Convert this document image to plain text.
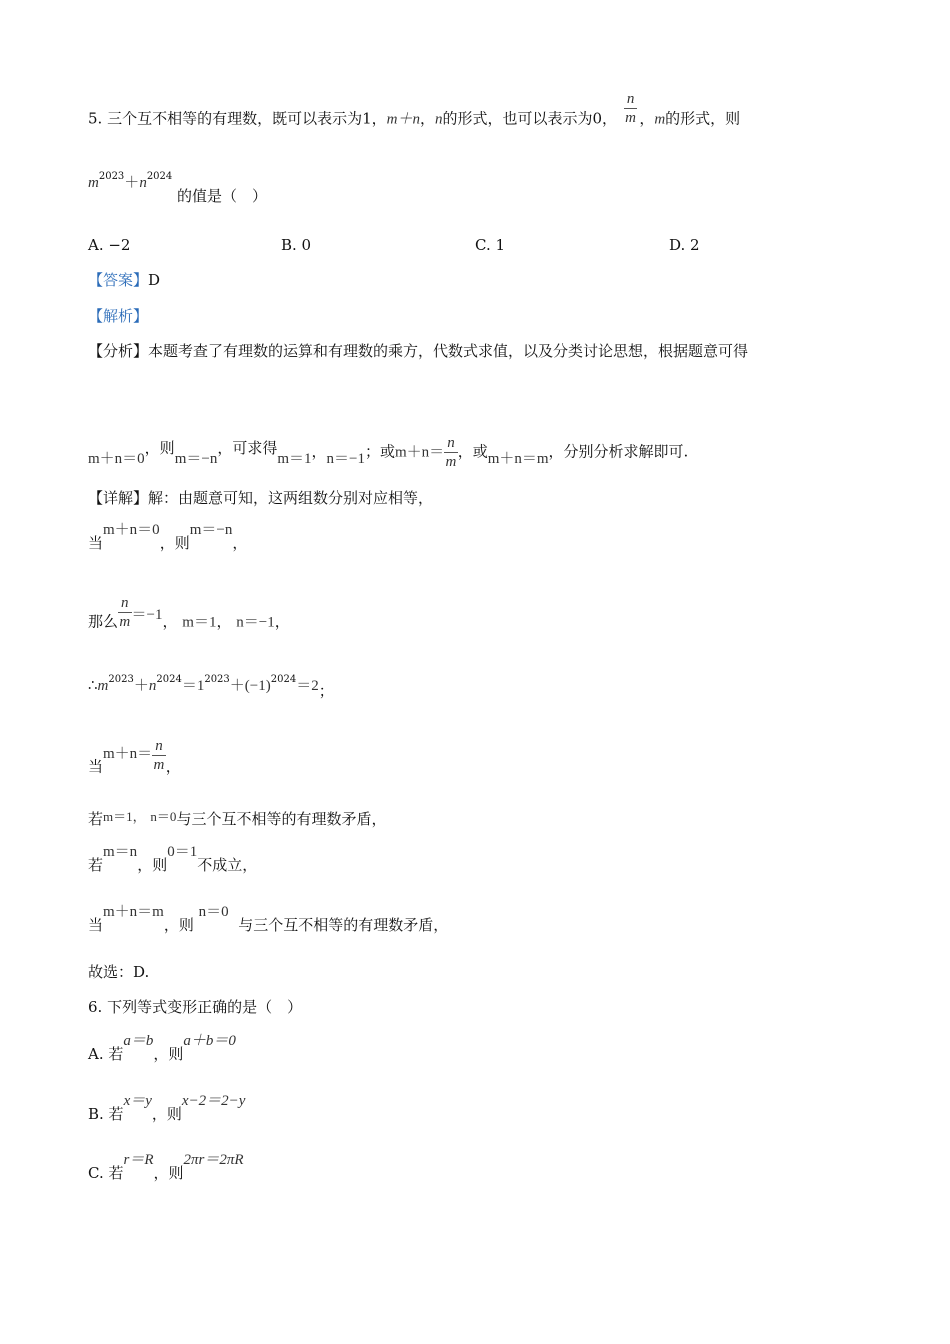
5. 三个互不相等的有理数，既可以表示为1，m＋n，n的形式，也可以表示为0， $\frac{n}{m}$ ，m的形式，则
$m^{2023}+n^{2024}$ 的值是（　）
A. −2	B. 0	C. 1	D. 2
【答案】D
【解析】
【分析】本题考查了有理数的运算和有理数的乘方，代数式求值，以及分类讨论思想，根据题意可得
m＋n＝0，则m＝−n，可求得m＝1，n＝−1；或$m+n= \frac{n}{m}$ ，或m＋n＝m，分别分析求解即可.
【详解】解：由题意可知，这两组数分别对应相等，
当m＋n＝0，则m＝−n，
那么 $\frac{n}{m} =-1$， m＝1， n＝−1，
$\therefore m^{2023}+n^{2024}=1^{2023}+(-1)^{2024}=2$；
当$m+n= \frac{n}{m}$ ，
若m＝1， n＝0与三个互不相等的有理数矛盾，
若m＝n，则0＝1不成立，
当m＋n＝m，则 n＝0  与三个互不相等的有理数矛盾，
故选：D.
6. 下列等式变形正确的是（　）
A. 若a＝b，则a＋b＝0
B. 若x＝y，则x−2＝2−y
C. 若r＝R，则2πr＝2πR
